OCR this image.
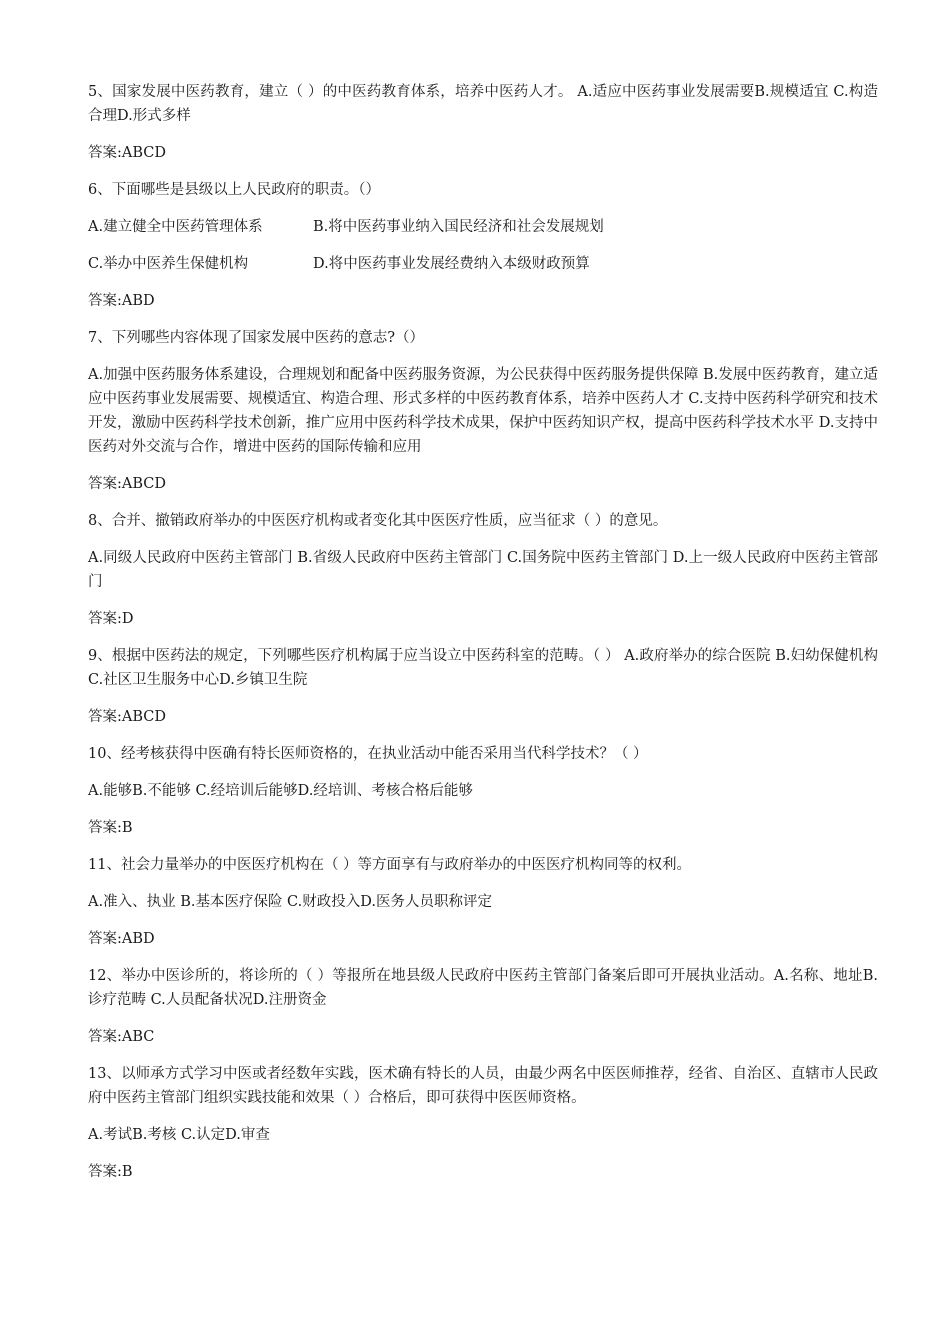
5、国家发展中医药教育，建立（ ）的中医药教育体系，培养中医药人才。 A.适应中医药事业发展需要B.规模适宜 C.构造合理D.形式多样

答案:ABCD

6、下面哪些是县级以上人民政府的职责。（）

A.建立健全中医药管理体系	B.将中医药事业纳入国民经济和社会发展规划
C.举办中医养生保健机构	D.将中医药事业发展经费纳入本级财政预算

答案:ABD

7、下列哪些内容体现了国家发展中医药的意志?（）

A.加强中医药服务体系建设，合理规划和配备中医药服务资源，为公民获得中医药服务提供保障 B.发展中医药教育，建立适应中医药事业发展需要、规模适宜、构造合理、形式多样的中医药教育体系，培养中医药人才 C.支持中医药科学研究和技术开发，激励中医药科学技术创新，推广应用中医药科学技术成果，保护中医药知识产权，提高中医药科学技术水平 D.支持中医药对外交流与合作，增进中医药的国际传输和应用

答案:ABCD

8、合并、撤销政府举办的中医医疗机构或者变化其中医医疗性质，应当征求（ ）的意见。

A.同级人民政府中医药主管部门 B.省级人民政府中医药主管部门 C.国务院中医药主管部门 D.上一级人民政府中医药主管部门

答案:D

9、根据中医药法的规定，下列哪些医疗机构属于应当设立中医药科室的范畴。（ ） A.政府举办的综合医院 B.妇幼保健机构 C.社区卫生服务中心D.乡镇卫生院

答案:ABCD

10、经考核获得中医确有特长医师资格的，在执业活动中能否采用当代科学技术？（ ）

A.能够B.不能够 C.经培训后能够D.经培训、考核合格后能够

答案:B

11、社会力量举办的中医医疗机构在（ ）等方面享有与政府举办的中医医疗机构同等的权利。

A.准入、执业 B.基本医疗保险 C.财政投入D.医务人员职称评定

答案:ABD

12、举办中医诊所的，将诊所的（ ）等报所在地县级人民政府中医药主管部门备案后即可开展执业活动。A.名称、地址B.诊疗范畴 C.人员配备状况D.注册资金

答案:ABC

13、以师承方式学习中医或者经数年实践，医术确有特长的人员，由最少两名中医医师推荐，经省、自治区、直辖市人民政府中医药主管部门组织实践技能和效果（ ）合格后，即可获得中医医师资格。

A.考试B.考核 C.认定D.审查

答案:B
